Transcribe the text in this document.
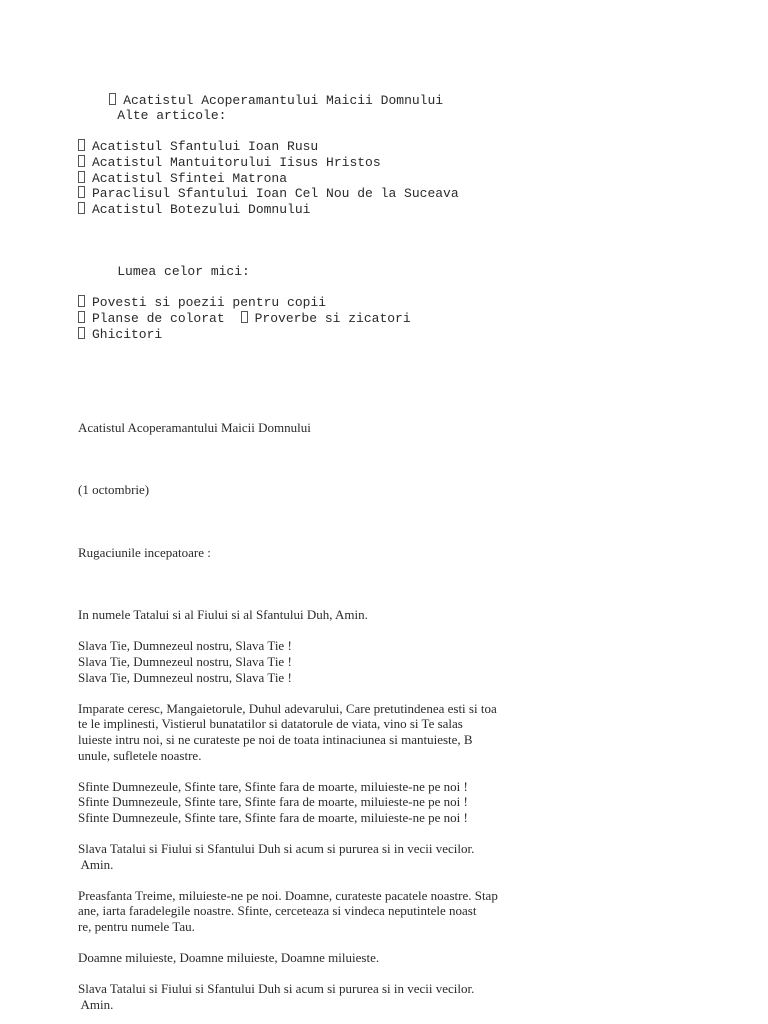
Acatistul Acoperamantului Maicii Domnului

Alte articole:

Acatistul Sfantului Ioan Rusu
Acatistul Mantuitorului Iisus Hristos
Acatistul Sfintei Matrona
Paraclisul Sfantului Ioan Cel Nou de la Suceava
Acatistul Botezului Domnului

Lumea celor mici:

Povesti si poezii pentru copii
Planse de colorat Proverbe si zicatori
Ghicitori
Acatistul Acoperamantului Maicii Domnului
(1 octombrie)
Rugaciunile incepatoare :
In numele Tatalui si al Fiului si al Sfantului Duh, Amin.
Slava Tie, Dumnezeul nostru, Slava Tie !
Slava Tie, Dumnezeul nostru, Slava Tie !
Slava Tie, Dumnezeul nostru, Slava Tie !
Imparate ceresc, Mangaietorule, Duhul adevarului, Care pretutindenea esti si toa
te le implinesti, Vistierul bunatatilor si datatorule de viata, vino si Te salas
luieste intru noi, si ne curateste pe noi de toata intinaciunea si mantuieste, B
unule, sufletele noastre.
Sfinte Dumnezeule, Sfinte tare, Sfinte fara de moarte, miluieste-ne pe noi !
Sfinte Dumnezeule, Sfinte tare, Sfinte fara de moarte, miluieste-ne pe noi !
Sfinte Dumnezeule, Sfinte tare, Sfinte fara de moarte, miluieste-ne pe noi !
Slava Tatalui si Fiului si Sfantului Duh si acum si pururea si in vecii vecilor.
Amin.
Preasfanta Treime, miluieste-ne pe noi. Doamne, curateste pacatele noastre. Stap
ane, iarta faradelegile noastre. Sfinte, cerceteaza si vindeca neputintele noast
re, pentru numele Tau.
Doamne miluieste, Doamne miluieste, Doamne miluieste.
Slava Tatalui si Fiului si Sfantului Duh si acum si pururea si in vecii vecilor.
Amin.
